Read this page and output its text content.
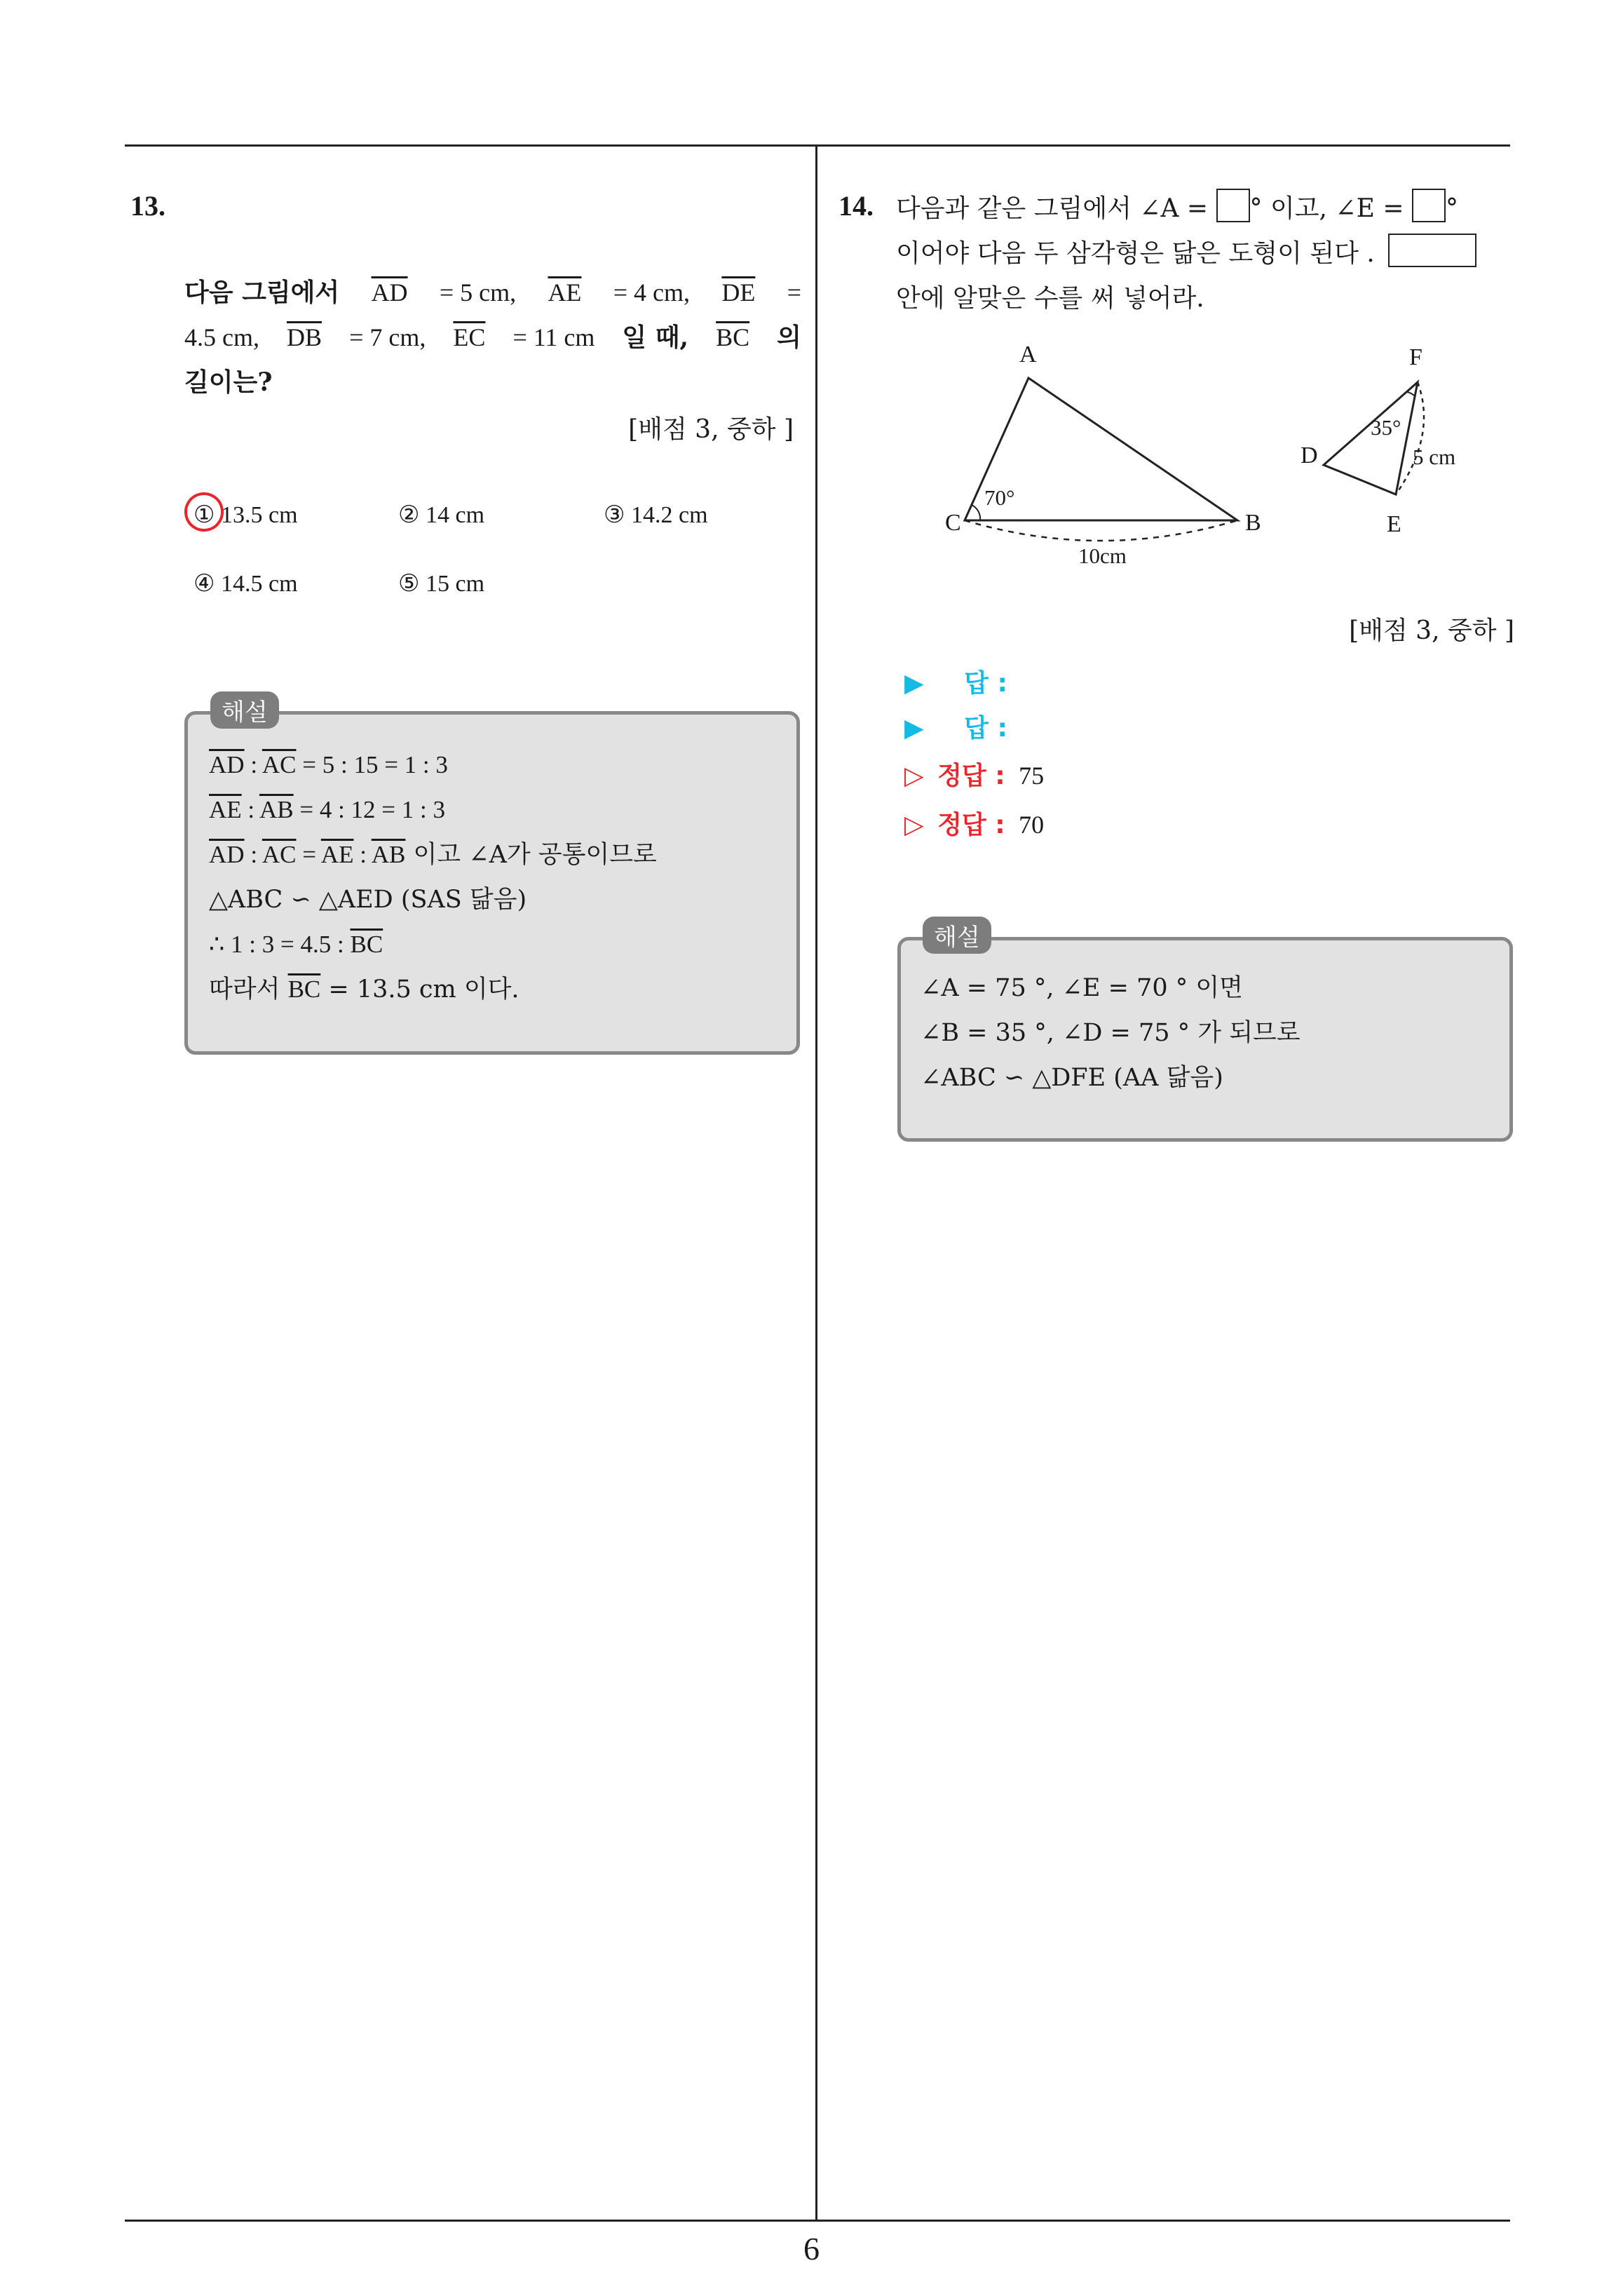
13.
다음 그림에서 $\overline{AD} = 5$ cm, $\overline{AE} = 4$ cm, $\overline{DE}$ =
4.5 cm, $\overline{DB} = 7$ cm, $\overline{EC} = 11$ cm 일 때, $\overline{BC}$ 의
길이는?
[배점 3, 중하 ]
① 13.5 cm	② 14 cm	③ 14.2 cm
④ 14.5 cm	⑤ 15 cm
$\overline{AD}$ : $\overline{AC} = 5$ : 15 = 1 : 3
$\overline{AE}$ : $\overline{AB} = 4$ : 12 = 1 : 3
$\overline{AD}$ : $\overline{AC} = \overline{AE}$ : $\overline{AB}$ 이고 ∠A가 공통이므로
△ABC ∽ △AED (SAS 닮음)
∴ 1 : 3 = 4.5 : $\overline{BC}$
따라서 $\overline{BC} = 13.5$ cm 이다.
해설
14. 다음과 같은 그림에서 ∠A = ° 이고, ∠E = °
이어야 다음 두 삼각형은 닮은 도형이 된다 .
안에 알맞은 수를 써 넣어라.
A
C	B
F
D
E
70°
35°
10cm
5 cm
[배점 3, 중하 ]
▶ 답 :
▶ 답 :
▷ 정답 : 75
▷ 정답 : 70
∠A = 75 °, ∠E = 70 ° 이면
∠B = 35 °, ∠D = 75 ° 가 되므로
∠ABC ∽ △DFE (AA 닮음)
해설
6
